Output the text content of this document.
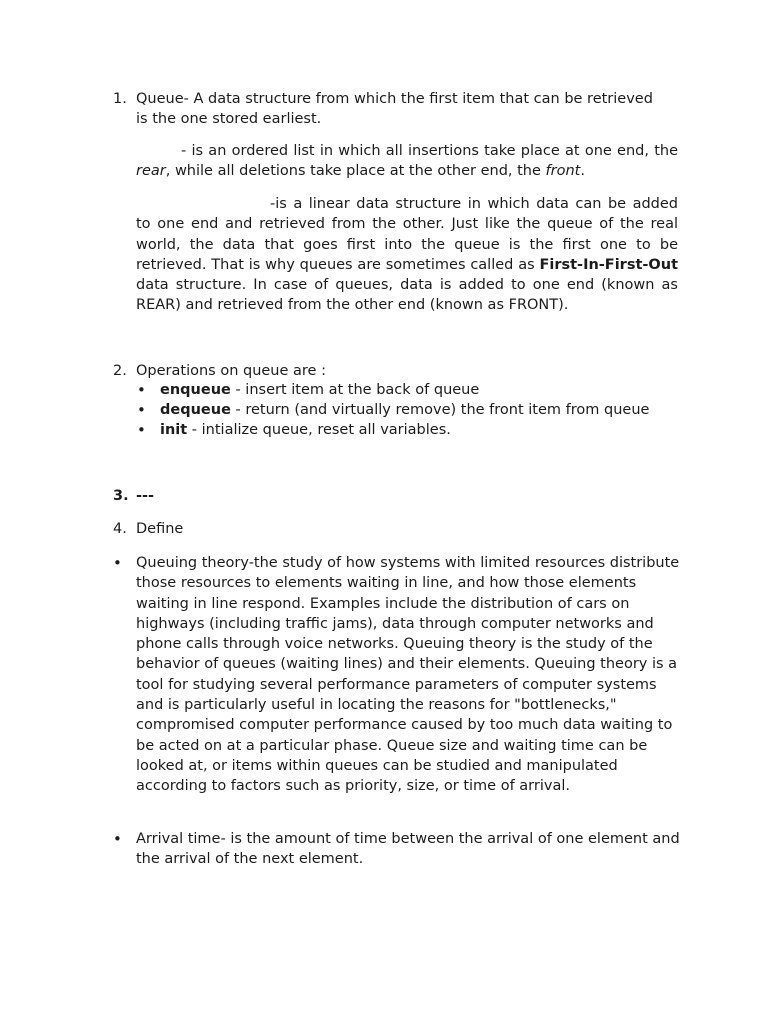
1. Queue- A data structure from which the first item that can be retrieved
is the one stored earliest.
- is an ordered list in which all insertions take place at one end, the rear, while all deletions take place at the other end, the front.
-is a linear data structure in which data can be added to one end and retrieved from the other. Just like the queue of the real world, the data that goes first into the queue is the first one to be retrieved. That is why queues are sometimes called as First-In-First-Out data structure. In case of queues, data is added to one end (known as REAR) and retrieved from the other end (known as FRONT).
2. Operations on queue are :
• enqueue - insert item at the back of queue
• dequeue - return (and virtually remove) the front item from queue
• init - intialize queue, reset all variables.
3. ---
4. Define
• Queuing theory-the study of how systems with limited resources distribute those resources to elements waiting in line, and how those elements waiting in line respond. Examples include the distribution of cars on highways (including traffic jams), data through computer networks and phone calls through voice networks. Queuing theory is the study of the behavior of queues (waiting lines) and their elements. Queuing theory is a tool for studying several performance parameters of computer systems and is particularly useful in locating the reasons for "bottlenecks," compromised computer performance caused by too much data waiting to be acted on at a particular phase. Queue size and waiting time can be looked at, or items within queues can be studied and manipulated according to factors such as priority, size, or time of arrival.
• Arrival time- is the amount of time between the arrival of one element and the arrival of the next element.
